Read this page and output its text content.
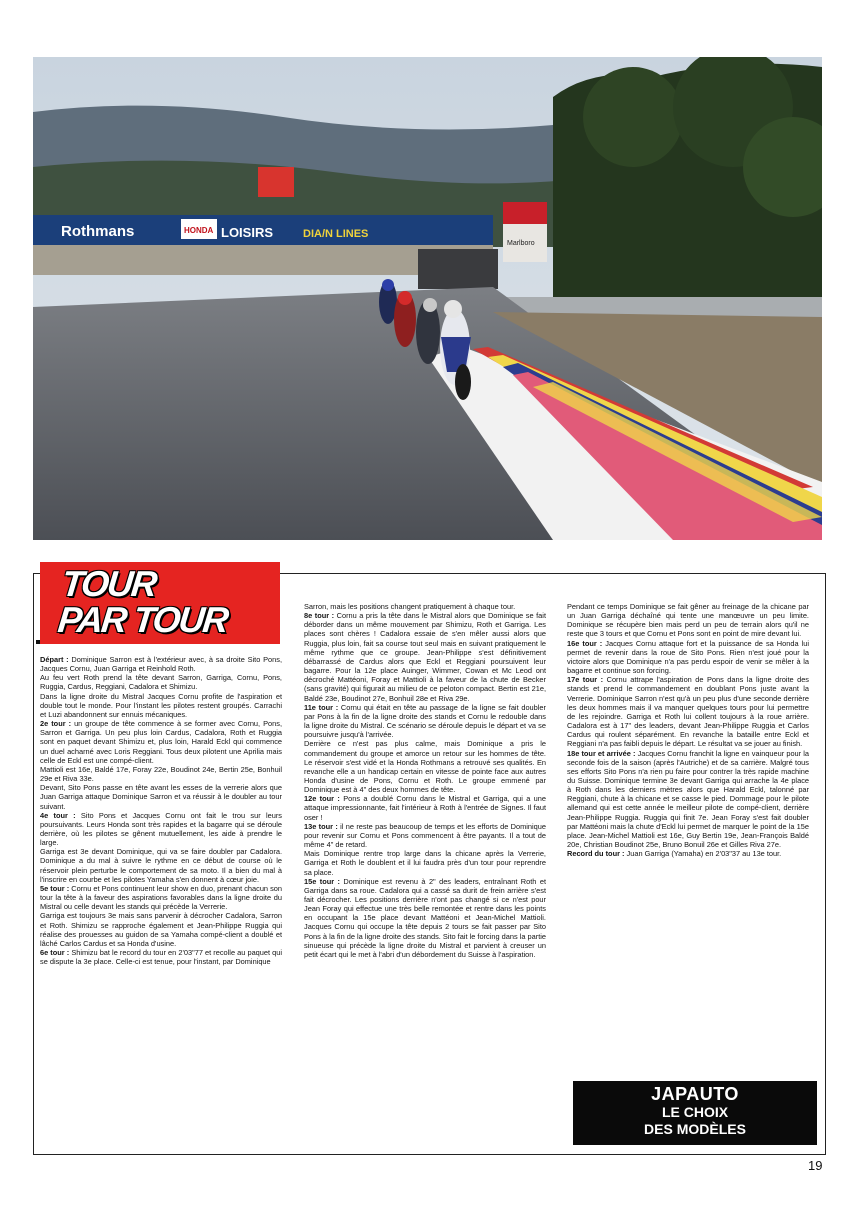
Rothmans	HONDA LOISIRS	DIA/N LINES
Marlboro
TOUR
PAR TOUR

Départ : Dominique Sarron est à l'extérieur avec, à sa droite Sito Pons, Jacques Cornu, Juan Garriga et Reinhold Roth.

Au feu vert Roth prend la tête devant Sarron, Garriga, Cornu, Pons, Ruggia, Cardus, Reggiani, Cadalora et Shimizu.

Dans la ligne droite du Mistral Jacques Cornu profite de l'aspiration et double tout le monde. Pour l'instant les pilotes restent groupés. Carrachi et Luzi abandonnent sur ennuis mécaniques.

2e tour : un groupe de tête commence à se former avec Cornu, Pons, Sarron et Garriga. Un peu plus loin Cardus, Cadalora, Roth et Ruggia sont en paquet devant Shimizu et, plus loin, Harald Eckl qui commence un duel acharné avec Loris Reggiani. Tous deux pilotent une Aprilia mais celle de Eckl est une compé-client.

Mattioli est 16e, Baldé 17e, Foray 22e, Boudinot 24e, Bertin 25e, Bonhuil 29e et Riva 33e.

Devant, Sito Pons passe en tête avant les esses de la verrerie alors que Juan Garriga attaque Dominique Sarron et va réussir à le doubler au tour suivant.

4e tour : Sito Pons et Jacques Cornu ont fait le trou sur leurs poursuivants. Leurs Honda sont très rapides et la bagarre qui se déroule derrière, où les pilotes se gênent mutuellement, les aide à prendre le large.

Garriga est 3e devant Dominique, qui va se faire doubler par Cadalora. Dominique a du mal à suivre le rythme en ce début de course où le réservoir plein perturbe le comportement de sa moto. Il a bien du mal à l'inscrire en courbe et les pilotes Yamaha s'en donnent à cœur joie.

5e tour : Cornu et Pons continuent leur show en duo, prenant chacun son tour la tête à la faveur des aspirations favorables dans la ligne droite du Mistral ou celle devant les stands qui précède la Verrerie.

Garriga est toujours 3e mais sans parvenir à décrocher Cadalora, Sarron et Roth. Shimizu se rapproche également et Jean-Philippe Ruggia qui réalise des prouesses au guidon de sa Yamaha compé-client a doublé et lâché Carlos Cardus et sa Honda d'usine.

6e tour : Shimizu bat le record du tour en 2'03"77 et recolle au paquet qui se dispute la 3e place. Celle-ci est tenue, pour l'instant, par Dominique

Sarron, mais les positions changent pratiquement à chaque tour.

8e tour : Cornu a pris la tête dans le Mistral alors que Dominique se fait déborder dans un même mouvement par Shimizu, Roth et Garriga. Les places sont chères ! Cadalora essaie de s'en mêler aussi alors que Ruggia, plus loin, fait sa course tout seul mais en suivant pratiquement le même rythme que ce groupe. Jean-Philippe s'est définitivement débarrassé de Cardus alors que Eckl et Reggiani poursuivent leur bagarre. Pour la 12e place Auinger, Wimmer, Cowan et Mc Leod ont décroché Mattéoni, Foray et Mattioli à la faveur de la chute de Becker (sans gravité) qui figurait au milieu de ce peloton compact. Bertin est 21e, Baldé 23e, Boudinot 27e, Bonhuil 28e et Riva 29e.

11e tour : Cornu qui était en tête au passage de la ligne se fait doubler par Pons à la fin de la ligne droite des stands et Cornu le redouble dans la ligne droite du Mistral. Ce scénario se déroule depuis le départ et va se poursuivre jusqu'à l'arrivée.

Derrière ce n'est pas plus calme, mais Dominique a pris le commandement du groupe et amorce un retour sur les hommes de tête. Le réservoir s'est vidé et la Honda Rothmans a retrouvé ses qualités. En revanche elle a un handicap certain en vitesse de pointe face aux autres Honda d'usine de Pons, Cornu et Roth. Le groupe emmené par Dominique est à 4" des deux hommes de tête.

12e tour : Pons a doublé Cornu dans le Mistral et Garriga, qui a une attaque impressionnante, fait l'intérieur à Roth à l'entrée de Signes. Il faut oser !

13e tour : il ne reste pas beaucoup de temps et les efforts de Dominique pour revenir sur Cornu et Pons commencent à être payants. Il a tout de même 4" de retard.

Mais Dominique rentre trop large dans la chicane après la Verrerie, Garriga et Roth le doublent et il lui faudra près d'un tour pour reprendre sa place.

15e tour : Dominique est revenu à 2" des leaders, entraînant Roth et Garriga dans sa roue. Cadalora qui a cassé sa durit de frein arrière s'est fait décrocher. Les positions derrière n'ont pas changé si ce n'est pour Jean Foray qui effectue une très belle remontée et rentre dans les points en occupant la 15e place devant Mattéoni et Jean-Michel Mattioli. Jacques Cornu qui occupe la tête depuis 2 tours se fait passer par Sito Pons à la fin de la ligne droite des stands. Sito fait le forcing dans la partie sinueuse qui précède la ligne droite du Mistral et parvient à creuser un petit écart qui le met à l'abri d'un débordement du Suisse à l'aspiration.

Pendant ce temps Dominique se fait gêner au freinage de la chicane par un Juan Garriga déchaîné qui tente une manœuvre un peu limite. Dominique se récupère bien mais perd un peu de terrain alors qu'il ne reste que 3 tours et que Cornu et Pons sont en point de mire devant lui.

16e tour : Jacques Cornu attaque fort et la puissance de sa Honda lui permet de revenir dans la roue de Sito Pons. Rien n'est joué pour la victoire alors que Dominique n'a pas perdu espoir de venir se mêler à la bagarre et continue son forcing.

17e tour : Cornu attrape l'aspiration de Pons dans la ligne droite des stands et prend le commandement en doublant Pons juste avant la Verrerie. Dominique Sarron n'est qu'à un peu plus d'une seconde derrière les deux hommes mais il va manquer quelques tours pour lui permettre de les rejoindre. Garriga et Roth lui collent toujours à la roue arrière. Cadalora est à 17" des leaders, devant Jean-Philippe Ruggia et Carlos Cardus qui roulent séparément. En revanche la bataille entre Eckl et Reggiani n'a pas faibli depuis le départ. Le résultat va se jouer au finish.

18e tour et arrivée : Jacques Cornu franchit la ligne en vainqueur pour la seconde fois de la saison (après l'Autriche) et de sa carrière. Malgré tous ses efforts Sito Pons n'a rien pu faire pour contrer la très rapide machine du Suisse. Dominique termine 3e devant Garriga qui arrache la 4e place à Roth dans les derniers mètres alors que Harald Eckl, talonné par Reggiani, chute à la chicane et se casse le pied. Dommage pour le pilote allemand qui est cette année le meilleur pilote de compé-client, derrière Jean-Philippe Ruggia. Ruggia qui finit 7e. Jean Foray s'est fait doubler par Mattéoni mais la chute d'Eckl lui permet de marquer le point de la 15e place. Jean-Michel Mattioli est 16e, Guy Bertin 19e, Jean-François Baldé 20e, Christian Boudinot 25e, Bruno Bonuil 26e et Gilles Riva 27e.

Record du tour : Juan Garriga (Yamaha) en 2'03"37 au 13e tour.

JAPAUTO
LE CHOIX
DES MODÈLES
19
